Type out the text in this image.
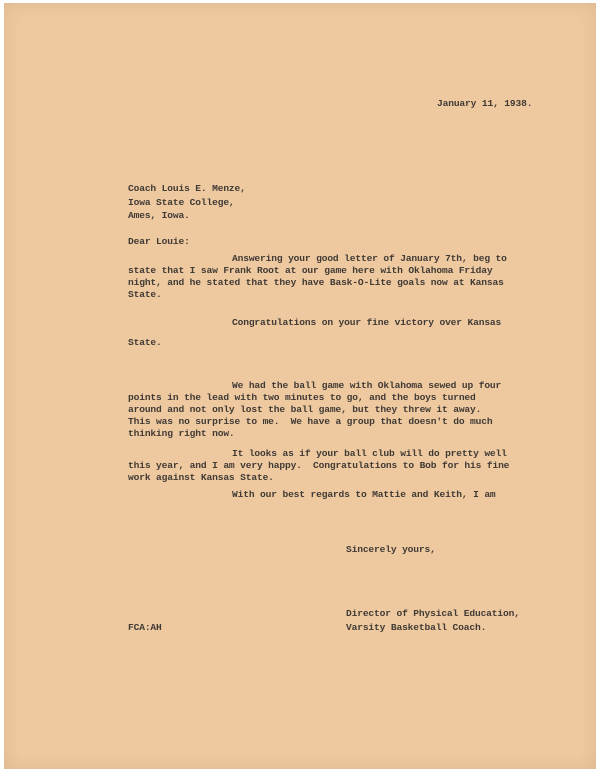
January 11, 1938.
Coach Louis E. Menze,
Iowa State College,
Ames, Iowa.
Dear Louie:
Answering your good letter of January 7th, beg to
state that I saw Frank Root at our game here with Oklahoma Friday
night, and he stated that they have Bask-O-Lite goals now at Kansas
State.
Congratulations on your fine victory over Kansas
State.
We had the ball game with Oklahoma sewed up four
points in the lead with two minutes to go, and the boys turned
around and not only lost the ball game, but they threw it away.
This was no surprise to me.  We have a group that doesn't do much
thinking right now.
It looks as if your ball club will do pretty well
this year, and I am very happy.  Congratulations to Bob for his fine
work against Kansas State.
With our best regards to Mattie and Keith, I am
Sincerely yours,
Director of Physical Education,
Varsity Basketball Coach.
FCA:AH
